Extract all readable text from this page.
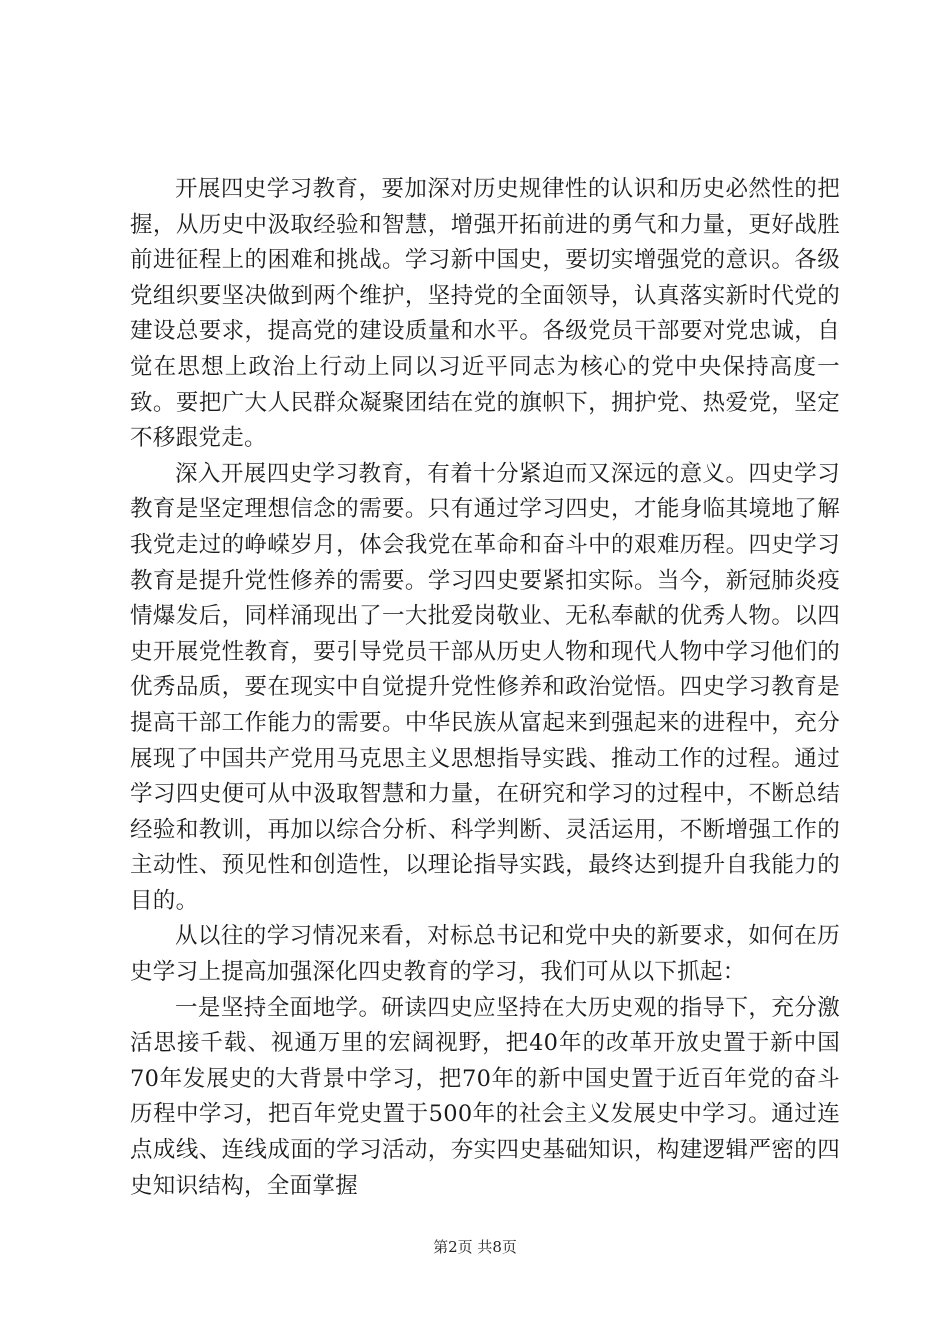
开展四史学习教育，要加深对历史规律性的认识和历史必然性的把握，从历史中汲取经验和智慧，增强开拓前进的勇气和力量，更好战胜前进征程上的困难和挑战。学习新中国史，要切实增强党的意识。各级党组织要坚决做到两个维护，坚持党的全面领导，认真落实新时代党的建设总要求，提高党的建设质量和水平。各级党员干部要对党忠诚，自觉在思想上政治上行动上同以习近平同志为核心的党中央保持高度一致。要把广大人民群众凝聚团结在党的旗帜下，拥护党、热爱党，坚定不移跟党走。

深入开展四史学习教育，有着十分紧迫而又深远的意义。四史学习教育是坚定理想信念的需要。只有通过学习四史，才能身临其境地了解我党走过的峥嵘岁月，体会我党在革命和奋斗中的艰难历程。四史学习教育是提升党性修养的需要。学习四史要紧扣实际。当今，新冠肺炎疫情爆发后，同样涌现出了一大批爱岗敬业、无私奉献的优秀人物。以四史开展党性教育，要引导党员干部从历史人物和现代人物中学习他们的优秀品质，要在现实中自觉提升党性修养和政治觉悟。四史学习教育是提高干部工作能力的需要。中华民族从富起来到强起来的进程中，充分展现了中国共产党用马克思主义思想指导实践、推动工作的过程。通过学习四史便可从中汲取智慧和力量，在研究和学习的过程中，不断总结经验和教训，再加以综合分析、科学判断、灵活运用，不断增强工作的主动性、预见性和创造性，以理论指导实践，最终达到提升自我能力的目的。

从以往的学习情况来看，对标总书记和党中央的新要求，如何在历史学习上提高加强深化四史教育的学习，我们可从以下抓起：

一是坚持全面地学。研读四史应坚持在大历史观的指导下，充分激活思接千载、视通万里的宏阔视野，把40年的改革开放史置于新中国70年发展史的大背景中学习，把70年的新中国史置于近百年党的奋斗历程中学习，把百年党史置于500年的社会主义发展史中学习。通过连点成线、连线成面的学习活动，夯实四史基础知识，构建逻辑严密的四史知识结构，全面掌握

第2页 共8页
